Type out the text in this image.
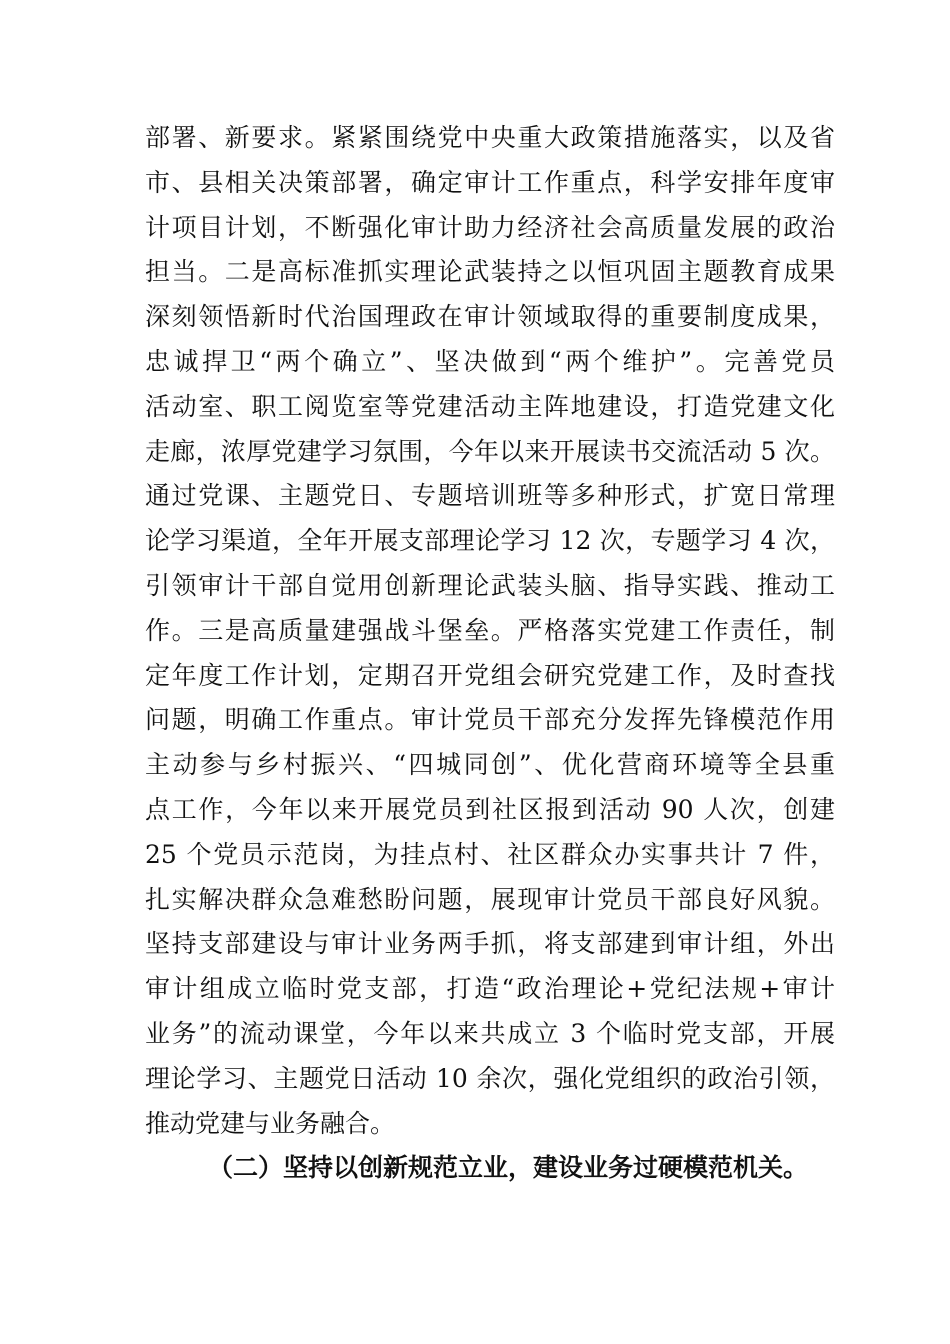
部署、新要求。紧紧围绕党中央重大政策措施落实，以及省
市、县相关决策部署，确定审计工作重点，科学安排年度审
计项目计划，不断强化审计助力经济社会高质量发展的政治
担当。二是高标准抓实理论武装持之以恒巩固主题教育成果
深刻领悟新时代治国理政在审计领域取得的重要制度成果，
忠诚捍卫“两个确立”、坚决做到“两个维护”。完善党员
活动室、职工阅览室等党建活动主阵地建设，打造党建文化
走廊，浓厚党建学习氛围，今年以来开展读书交流活动 5 次。
通过党课、主题党日、专题培训班等多种形式，扩宽日常理
论学习渠道，全年开展支部理论学习 12 次，专题学习 4 次，
引领审计干部自觉用创新理论武装头脑、指导实践、推动工
作。三是高质量建强战斗堡垒。严格落实党建工作责任，制
定年度工作计划，定期召开党组会研究党建工作，及时查找
问题，明确工作重点。审计党员干部充分发挥先锋模范作用
主动参与乡村振兴、“四城同创”、优化营商环境等全县重
点工作，今年以来开展党员到社区报到活动 90 人次，创建
25 个党员示范岗，为挂点村、社区群众办实事共计 7 件，
扎实解决群众急难愁盼问题，展现审计党员干部良好风貌。
坚持支部建设与审计业务两手抓，将支部建到审计组，外出
审计组成立临时党支部，打造“政治理论+党纪法规+审计
业务”的流动课堂，今年以来共成立 3 个临时党支部，开展
理论学习、主题党日活动 10 余次，强化党组织的政治引领，
推动党建与业务融合。
（二）坚持以创新规范立业，建设业务过硬模范机关。
